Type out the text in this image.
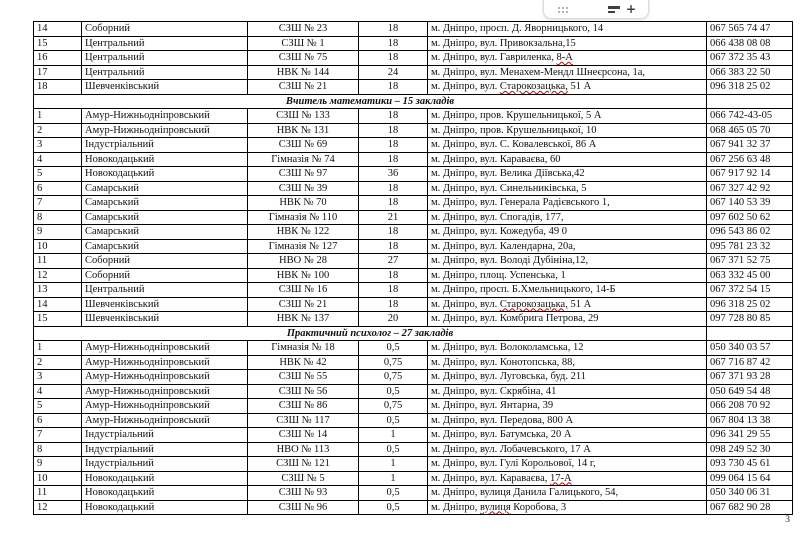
14	Соборний	СЗШ № 23	18	м. Дніпро, просп. Д. Яворницького, 14	067 565 74 47
15	Центральний	СЗШ № 1	18	м. Дніпро, вул. Привокзальна,15	066 438 08 08
16	Центральний	СЗШ № 75	18	м. Дніпро, вул. Гавриленка, 8-А	067 372 35 43
17	Центральний	НВК № 144	24	м. Дніпро, вул. Менахем-Мендл Шнеєрсона, 1а,	066 383 22 50
18	Шевченківський	СЗШ № 21	18	м. Дніпро, вул. Старокозацька, 51 А	096 318 25 02
Вчитель математики – 15 закладів					
1	Амур-Нижньодніпровський	СЗШ № 133	18	м. Дніпро, пров. Крушельницької, 5 А	066 742-43-05
2	Амур-Нижньодніпровський	НВК № 131	18	м. Дніпро, пров. Крушельницької, 10	068 465 05 70
3	Індустріальний	СЗШ № 69	18	м. Дніпро, вул. С. Ковалевської, 86 А	067 941 32 37
4	Новокодацький	Гімназія № 74	18	м. Дніпро, вул. Караваєва, 60	067 256 63 48
5	Новокодацький	СЗШ № 97	36	м. Дніпро, вул. Велика Діївська,42	067 917 92 14
6	Самарський	СЗШ № 39	18	м. Дніпро, вул. Синельниківська, 5	067 327 42 92
7	Самарський	НВК № 70	18	м. Дніпро, вул. Генерала Радієвського 1,	067 140 53 39
8	Самарський	Гімназія № 110	21	м. Дніпро, вул. Спогадів, 177,	097 602 50 62
9	Самарський	НВК № 122	18	м. Дніпро, вул. Кожедуба, 49 0	096 543 86 02
10	Самарський	Гімназія № 127	18	м. Дніпро, вул. Календарна, 20а,	095 781 23 32
11	Соборний	НВО № 28	27	м. Дніпро, вул. Володі Дубініна,12,	067 371 52 75
12	Соборний	НВК № 100	18	м. Дніпро, площ. Успенська, 1	063 332 45 00
13	Центральний	СЗШ № 16	18	м. Дніпро, просп. Б.Хмельницького, 14-Б	067 372 54 15
14	Шевченківський	СЗШ № 21	18	м. Дніпро, вул. Старокозацька, 51 А	096 318 25 02
15	Шевченківський	НВК № 137	20	м. Дніпро, вул. Комбрига Петрова, 29	097 728 80 85
Практичний психолог – 27 закладів					
1	Амур-Нижньодніпровський	Гімназія № 18	0,5	м. Дніпро, вул. Волоколамська, 12	050 340 03 57
2	Амур-Нижньодніпровський	НВК № 42	0,75	м. Дніпро, вул. Конотопська, 88,	067 716 87 42
3	Амур-Нижньодніпровський	СЗШ № 55	0,75	м. Дніпро, вул. Луговська, буд. 211	067 371 93 28
4	Амур-Нижньодніпровський	СЗШ № 56	0,5	м. Дніпро, вул. Скрябіна, 41	050 649 54 48
5	Амур-Нижньодніпровський	СЗШ № 86	0,75	м. Дніпро, вул. Янтарна, 39	066 208 70 92
6	Амур-Нижньодніпровський	СЗШ № 117	0,5	м. Дніпро, вул. Передова, 800 А	067 804 13 38
7	Індустріальний	СЗШ № 14	1	м. Дніпро, вул. Батумська, 20 А	096 341 29 55
8	Індустріальний	НВО № 113	0,5	м. Дніпро, вул. Лобачевського, 17 А	098 249 52 30
9	Індустріальний	СЗШ № 121	1	м. Дніпро, вул. Гулі Корольової, 14 г,	093 730 45 61
10	Новокодацький	СЗШ № 5	1	м. Дніпро, вул. Караваєва, 17-А	099 064 15 64
11	Новокодацький	СЗШ № 93	0,5	м. Дніпро, вулиця Данила Галицького, 54,	050 340 06 31
12	Новокодацький	СЗШ № 96	0,5	м. Дніпро, вулиця Коробова, 3	067 682 90 28
+
3
